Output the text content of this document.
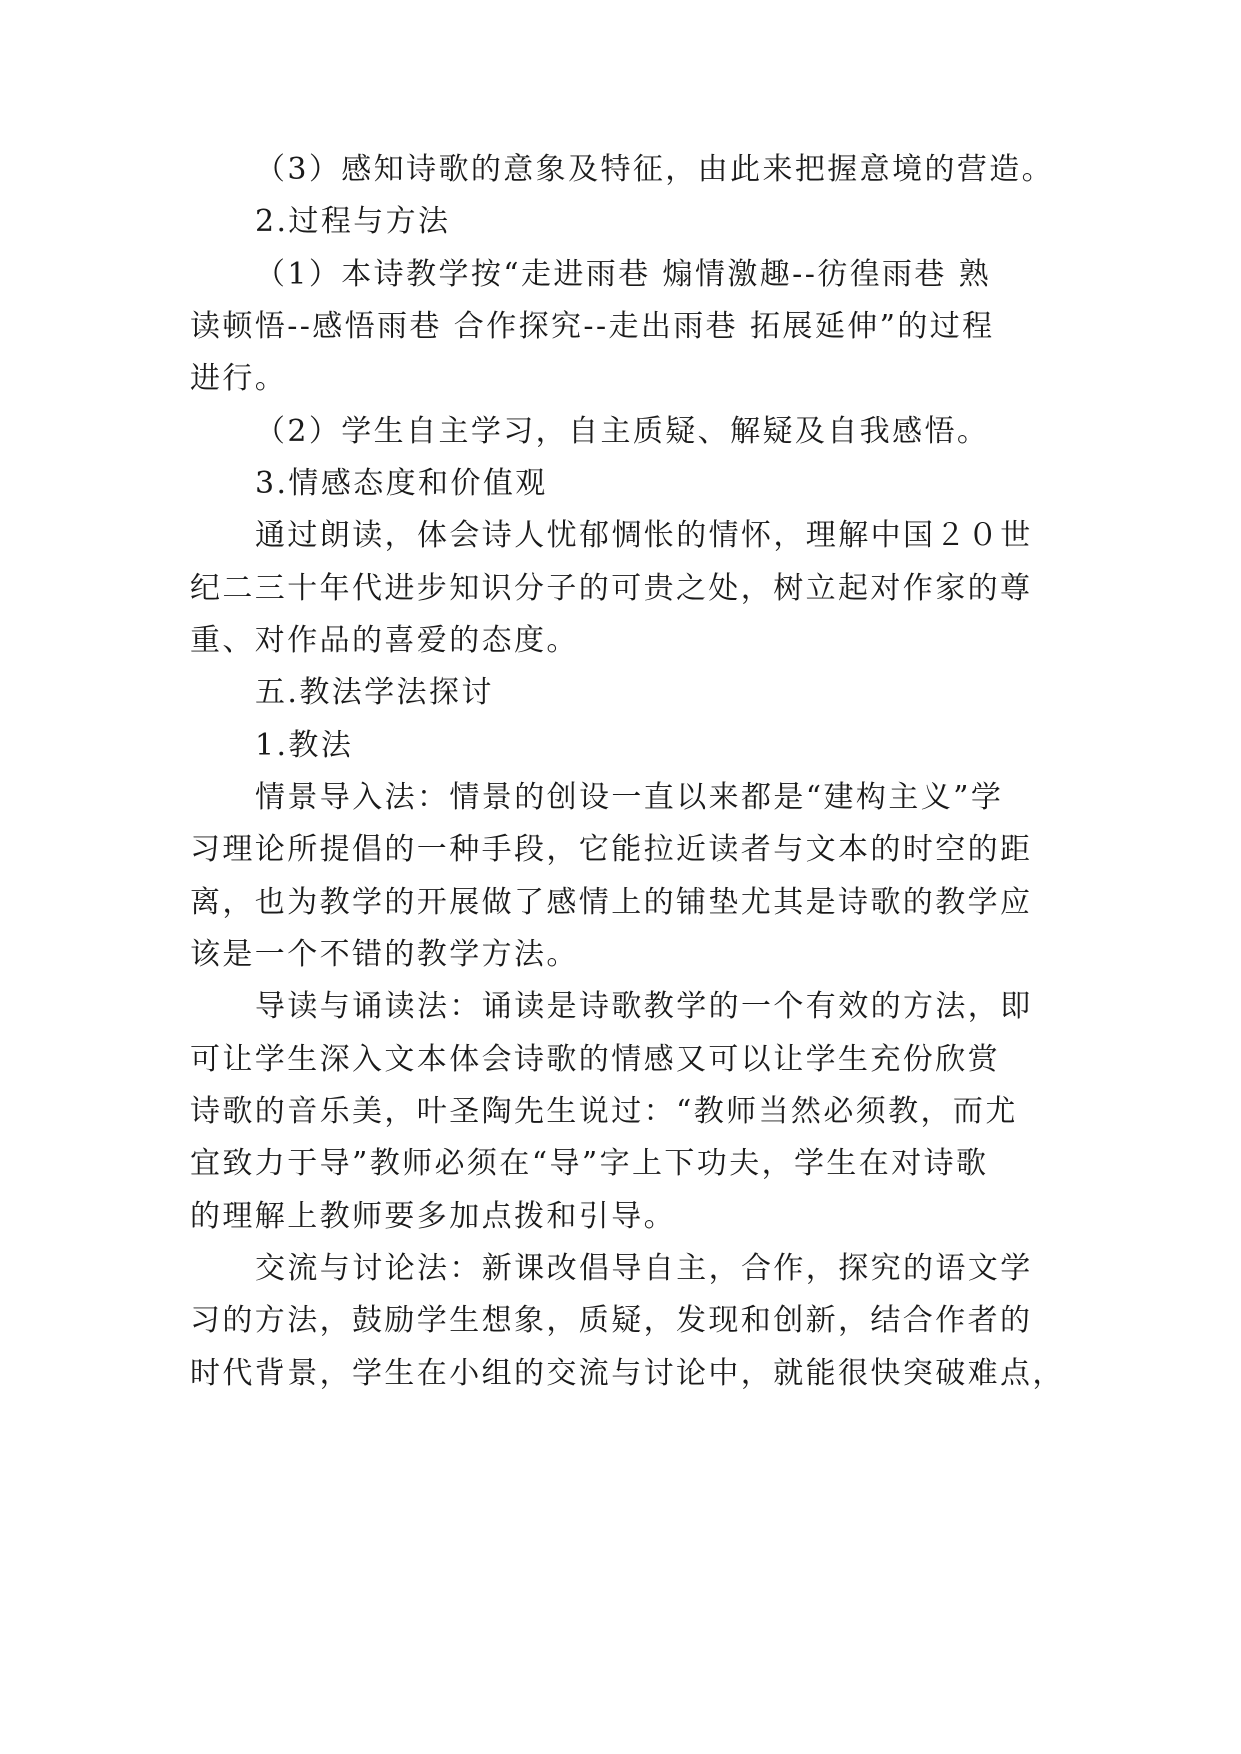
（3）感知诗歌的意象及特征，由此来把握意境的营造。
2.过程与方法
（1）本诗教学按“走进雨巷 煽情激趣--彷徨雨巷 熟
读顿悟--感悟雨巷 合作探究--走出雨巷 拓展延伸”的过程
进行。
（2）学生自主学习，自主质疑、解疑及自我感悟。
3.情感态度和价值观
通过朗读，体会诗人忧郁惆怅的情怀，理解中国２０世
纪二三十年代进步知识分子的可贵之处，树立起对作家的尊
重、对作品的喜爱的态度。
五.教法学法探讨
1.教法
情景导入法：情景的创设一直以来都是“建构主义”学
习理论所提倡的一种手段，它能拉近读者与文本的时空的距
离，也为教学的开展做了感情上的铺垫尤其是诗歌的教学应
该是一个不错的教学方法。
导读与诵读法：诵读是诗歌教学的一个有效的方法，即
可让学生深入文本体会诗歌的情感又可以让学生充份欣赏
诗歌的音乐美，叶圣陶先生说过：“教师当然必须教，而尤
宜致力于导”教师必须在“导”字上下功夫，学生在对诗歌
的理解上教师要多加点拨和引导。
交流与讨论法：新课改倡导自主，合作，探究的语文学
习的方法，鼓励学生想象，质疑，发现和创新，结合作者的
时代背景，学生在小组的交流与讨论中，就能很快突破难点，
